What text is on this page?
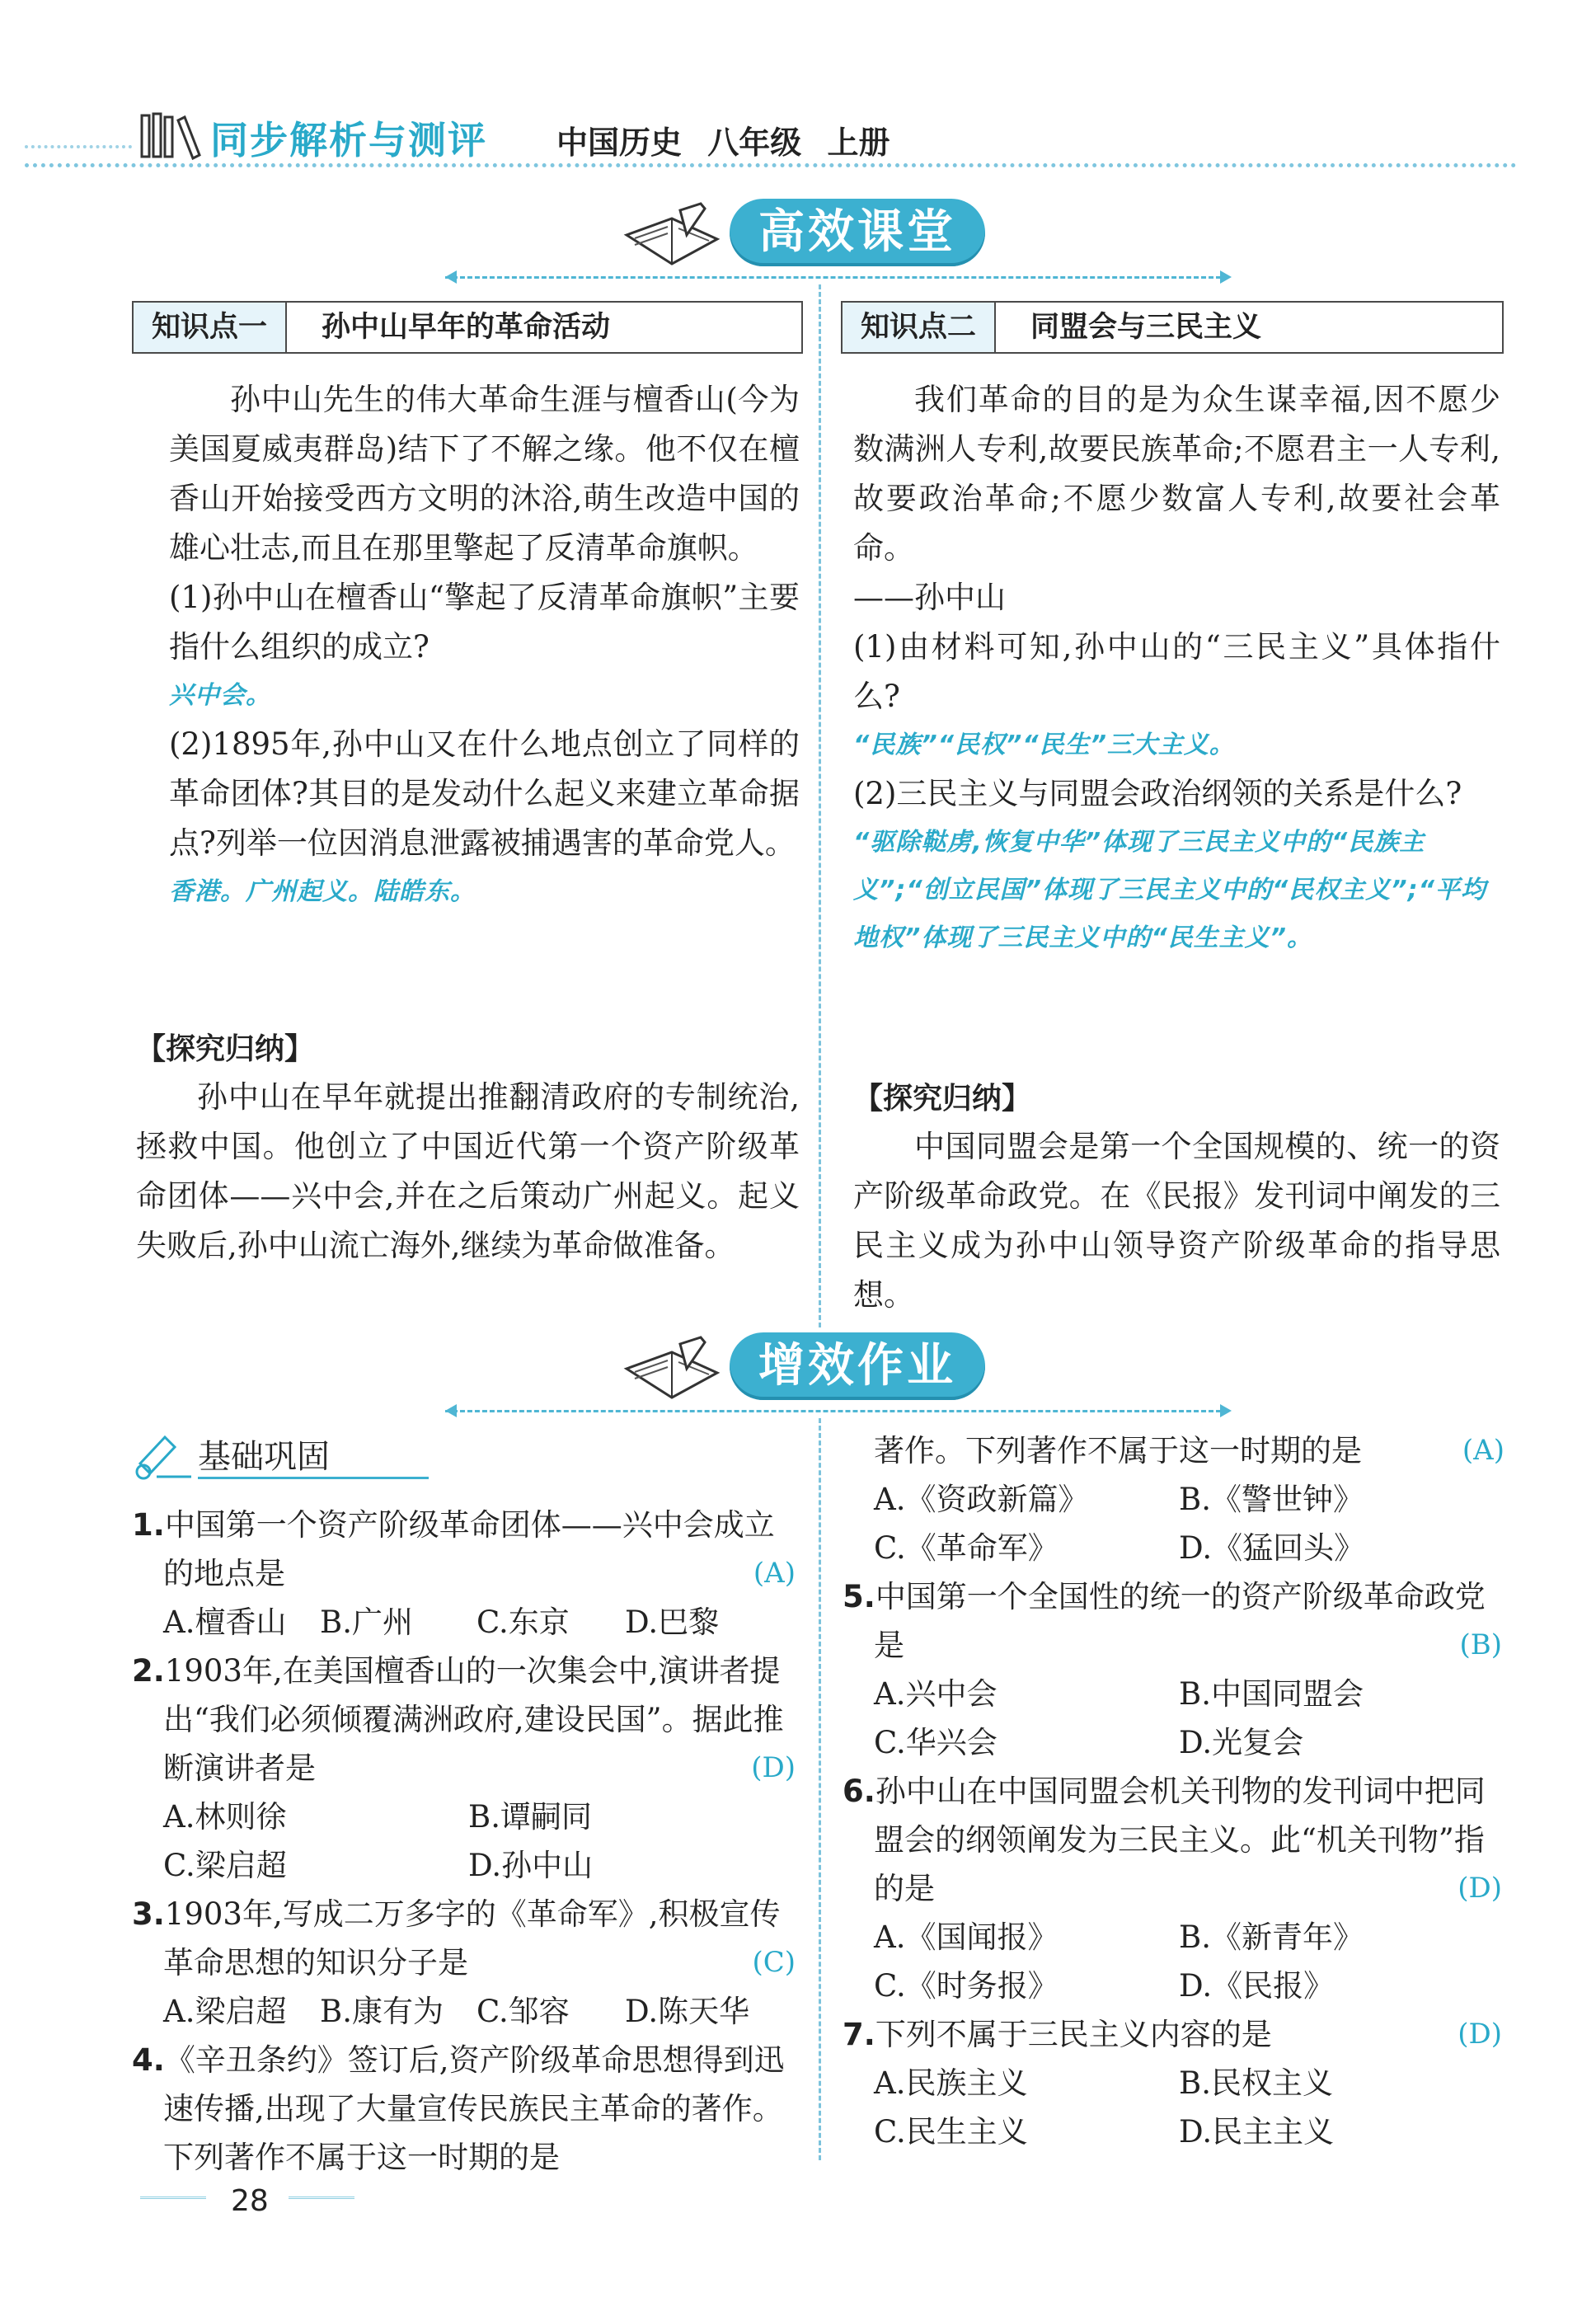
同步解析与测评 中国历史 八年级 上册
高效课堂
知识点一	孙中山早年的革命活动

孙中山先生的伟大革命生涯与檀香山(今为美国夏威夷群岛)结下了不解之缘。他不仅在檀香山开始接受西方文明的沐浴,萌生改造中国的雄心壮志,而且在那里擎起了反清革命旗帜。

(1)孙中山在檀香山“擎起了反清革命旗帜”主要指什么组织的成立?

兴中会。

(2)1895年,孙中山又在什么地点创立了同样的革命团体?其目的是发动什么起义来建立革命据点?列举一位因消息泄露被捕遇害的革命党人。

香港。广州起义。陆皓东。
【探究归纳】

孙中山在早年就提出推翻清政府的专制统治,拯救中国。他创立了中国近代第一个资产阶级革命团体——兴中会,并在之后策动广州起义。起义失败后,孙中山流亡海外,继续为革命做准备。

知识点二	同盟会与三民主义

我们革命的目的是为众生谋幸福,因不愿少数满洲人专利,故要民族革命;不愿君主一人专利,故要政治革命;不愿少数富人专利,故要社会革命。

——孙中山

(1)由材料可知,孙中山的“三民主义”具体指什么?

“民族”“民权”“民生”三大主义。

(2)三民主义与同盟会政治纲领的关系是什么?

“驱除鞑虏,恢复中华”体现了三民主义中的“民族主义”;“创立民国”体现了三民主义中的“民权主义”;“平均地权”体现了三民主义中的“民生主义”。
【探究归纳】

中国同盟会是第一个全国规模的、统一的资产阶级革命政党。在《民报》发刊词中阐发的三民主义成为孙中山领导资产阶级革命的指导思想。

增效作业
基础巩固
1.中国第一个资产阶级革命团体——兴中会成立的地点是	(A)
A.檀香山 B.广州 C.东京 D.巴黎
2.1903年,在美国檀香山的一次集会中,演讲者提出“我们必须倾覆满洲政府,建设民国”。据此推断演讲者是	(D)
A.林则徐	B.谭嗣同
C.梁启超	D.孙中山
3.1903年,写成二万多字的《革命军》,积极宣传革命思想的知识分子是	(C)
A.梁启超 B.康有为 C.邹容 D.陈天华
4.《辛丑条约》签订后,资产阶级革命思想得到迅速传播,出现了大量宣传民族民主革命的著作。下列著作不属于这一时期的是
著作。下列著作不属于这一时期的是	(A)
A.《资政新篇》	B.《警世钟》
C.《革命军》	D.《猛回头》
5.中国第一个全国性的统一的资产阶级革命政党是	(B)
A.兴中会	B.中国同盟会
C.华兴会	D.光复会
6.孙中山在中国同盟会机关刊物的发刊词中把同盟会的纲领阐发为三民主义。此“机关刊物”指的是	(D)
A.《国闻报》	B.《新青年》
C.《时务报》	D.《民报》
7.下列不属于三民主义内容的是	(D)
A.民族主义	B.民权主义
C.民生主义	D.民主主义
28
